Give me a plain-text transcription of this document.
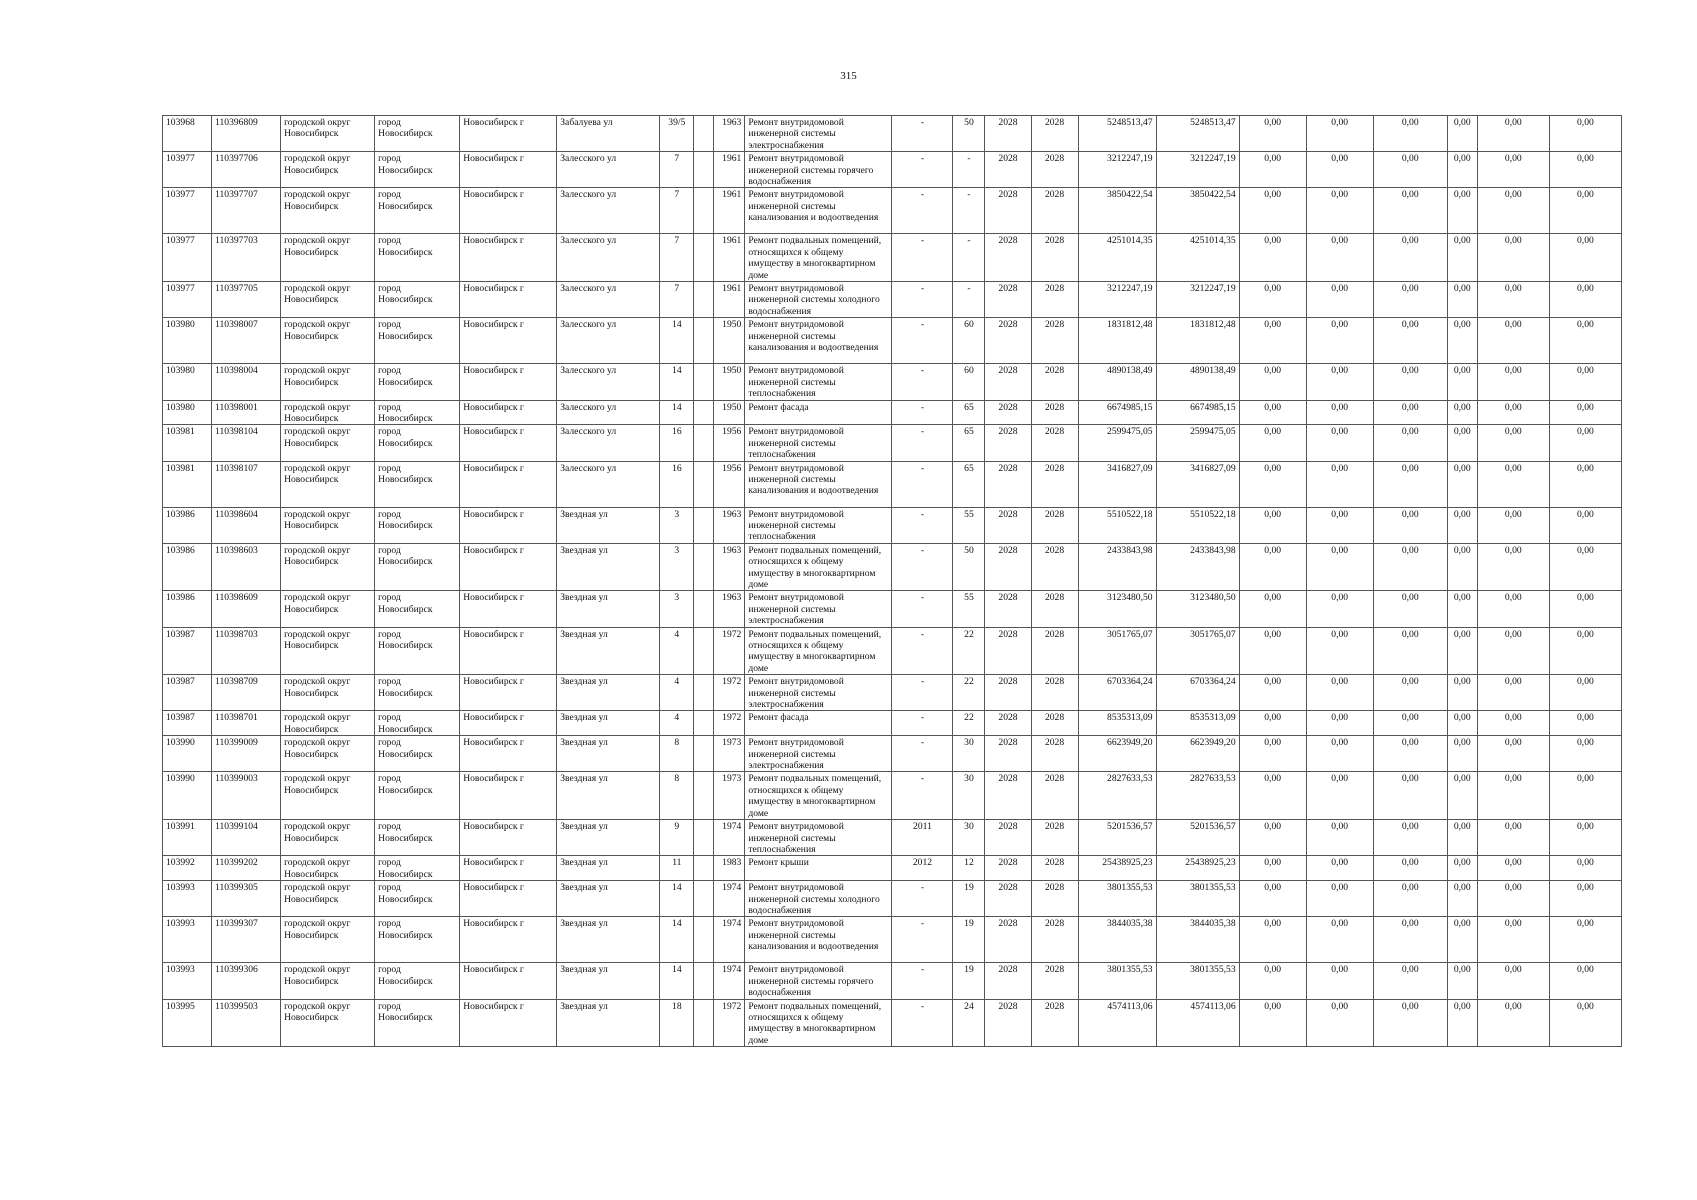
315
103968	110396809	городской округ Новосибирск	город Новосибирск	Новосибирск г	Забалуева ул	39/5		1963	Ремонт внутридомовой инженерной системы электроснабжения	-	50	2028	2028	5248513,47	5248513,47	0,00	0,00	0,00	0,00	0,00	0,00
103977	110397706	городской округ Новосибирск	город Новосибирск	Новосибирск г	Залесского ул	7		1961	Ремонт внутридомовой инженерной системы горячего водоснабжения	-	-	2028	2028	3212247,19	3212247,19	0,00	0,00	0,00	0,00	0,00	0,00
103977	110397707	городской округ Новосибирск	город Новосибирск	Новосибирск г	Залесского ул	7		1961	Ремонт внутридомовой инженерной системы канализования и водоотведения	-	-	2028	2028	3850422,54	3850422,54	0,00	0,00	0,00	0,00	0,00	0,00
103977	110397703	городской округ Новосибирск	город Новосибирск	Новосибирск г	Залесского ул	7		1961	Ремонт подвальных помещений, относящихся к общему имуществу в многоквартирном доме	-	-	2028	2028	4251014,35	4251014,35	0,00	0,00	0,00	0,00	0,00	0,00
103977	110397705	городской округ Новосибирск	город Новосибирск	Новосибирск г	Залесского ул	7		1961	Ремонт внутридомовой инженерной системы холодного водоснабжения	-	-	2028	2028	3212247,19	3212247,19	0,00	0,00	0,00	0,00	0,00	0,00
103980	110398007	городской округ Новосибирск	город Новосибирск	Новосибирск г	Залесского ул	14		1950	Ремонт внутридомовой инженерной системы канализования и водоотведения	-	60	2028	2028	1831812,48	1831812,48	0,00	0,00	0,00	0,00	0,00	0,00
103980	110398004	городской округ Новосибирск	город Новосибирск	Новосибирск г	Залесского ул	14		1950	Ремонт внутридомовой инженерной системы теплоснабжения	-	60	2028	2028	4890138,49	4890138,49	0,00	0,00	0,00	0,00	0,00	0,00
103980	110398001	городской округ Новосибирск	город Новосибирск	Новосибирск г	Залесского ул	14		1950	Ремонт фасада	-	65	2028	2028	6674985,15	6674985,15	0,00	0,00	0,00	0,00	0,00	0,00
103981	110398104	городской округ Новосибирск	город Новосибирск	Новосибирск г	Залесского ул	16		1956	Ремонт внутридомовой инженерной системы теплоснабжения	-	65	2028	2028	2599475,05	2599475,05	0,00	0,00	0,00	0,00	0,00	0,00
103981	110398107	городской округ Новосибирск	город Новосибирск	Новосибирск г	Залесского ул	16		1956	Ремонт внутридомовой инженерной системы канализования и водоотведения	-	65	2028	2028	3416827,09	3416827,09	0,00	0,00	0,00	0,00	0,00	0,00
103986	110398604	городской округ Новосибирск	город Новосибирск	Новосибирск г	Звездная ул	3		1963	Ремонт внутридомовой инженерной системы теплоснабжения	-	55	2028	2028	5510522,18	5510522,18	0,00	0,00	0,00	0,00	0,00	0,00
103986	110398603	городской округ Новосибирск	город Новосибирск	Новосибирск г	Звездная ул	3		1963	Ремонт подвальных помещений, относящихся к общему имуществу в многоквартирном доме	-	50	2028	2028	2433843,98	2433843,98	0,00	0,00	0,00	0,00	0,00	0,00
103986	110398609	городской округ Новосибирск	город Новосибирск	Новосибирск г	Звездная ул	3		1963	Ремонт внутридомовой инженерной системы электроснабжения	-	55	2028	2028	3123480,50	3123480,50	0,00	0,00	0,00	0,00	0,00	0,00
103987	110398703	городской округ Новосибирск	город Новосибирск	Новосибирск г	Звездная ул	4		1972	Ремонт подвальных помещений, относящихся к общему имуществу в многоквартирном доме	-	22	2028	2028	3051765,07	3051765,07	0,00	0,00	0,00	0,00	0,00	0,00
103987	110398709	городской округ Новосибирск	город Новосибирск	Новосибирск г	Звездная ул	4		1972	Ремонт внутридомовой инженерной системы электроснабжения	-	22	2028	2028	6703364,24	6703364,24	0,00	0,00	0,00	0,00	0,00	0,00
103987	110398701	городской округ Новосибирск	город Новосибирск	Новосибирск г	Звездная ул	4		1972	Ремонт фасада	-	22	2028	2028	8535313,09	8535313,09	0,00	0,00	0,00	0,00	0,00	0,00
103990	110399009	городской округ Новосибирск	город Новосибирск	Новосибирск г	Звездная ул	8		1973	Ремонт внутридомовой инженерной системы электроснабжения	-	30	2028	2028	6623949,20	6623949,20	0,00	0,00	0,00	0,00	0,00	0,00
103990	110399003	городской округ Новосибирск	город Новосибирск	Новосибирск г	Звездная ул	8		1973	Ремонт подвальных помещений, относящихся к общему имуществу в многоквартирном доме	-	30	2028	2028	2827633,53	2827633,53	0,00	0,00	0,00	0,00	0,00	0,00
103991	110399104	городской округ Новосибирск	город Новосибирск	Новосибирск г	Звездная ул	9		1974	Ремонт внутридомовой инженерной системы теплоснабжения	2011	30	2028	2028	5201536,57	5201536,57	0,00	0,00	0,00	0,00	0,00	0,00
103992	110399202	городской округ Новосибирск	город Новосибирск	Новосибирск г	Звездная ул	11		1983	Ремонт крыши	2012	12	2028	2028	25438925,23	25438925,23	0,00	0,00	0,00	0,00	0,00	0,00
103993	110399305	городской округ Новосибирск	город Новосибирск	Новосибирск г	Звездная ул	14		1974	Ремонт внутридомовой инженерной системы холодного водоснабжения	-	19	2028	2028	3801355,53	3801355,53	0,00	0,00	0,00	0,00	0,00	0,00
103993	110399307	городской округ Новосибирск	город Новосибирск	Новосибирск г	Звездная ул	14		1974	Ремонт внутридомовой инженерной системы канализования и водоотведения	-	19	2028	2028	3844035,38	3844035,38	0,00	0,00	0,00	0,00	0,00	0,00
103993	110399306	городской округ Новосибирск	город Новосибирск	Новосибирск г	Звездная ул	14		1974	Ремонт внутридомовой инженерной системы горячего водоснабжения	-	19	2028	2028	3801355,53	3801355,53	0,00	0,00	0,00	0,00	0,00	0,00
103995	110399503	городской округ Новосибирск	город Новосибирск	Новосибирск г	Звездная ул	18		1972	Ремонт подвальных помещений, относящихся к общему имуществу в многоквартирном доме	-	24	2028	2028	4574113,06	4574113,06	0,00	0,00	0,00	0,00	0,00	0,00
